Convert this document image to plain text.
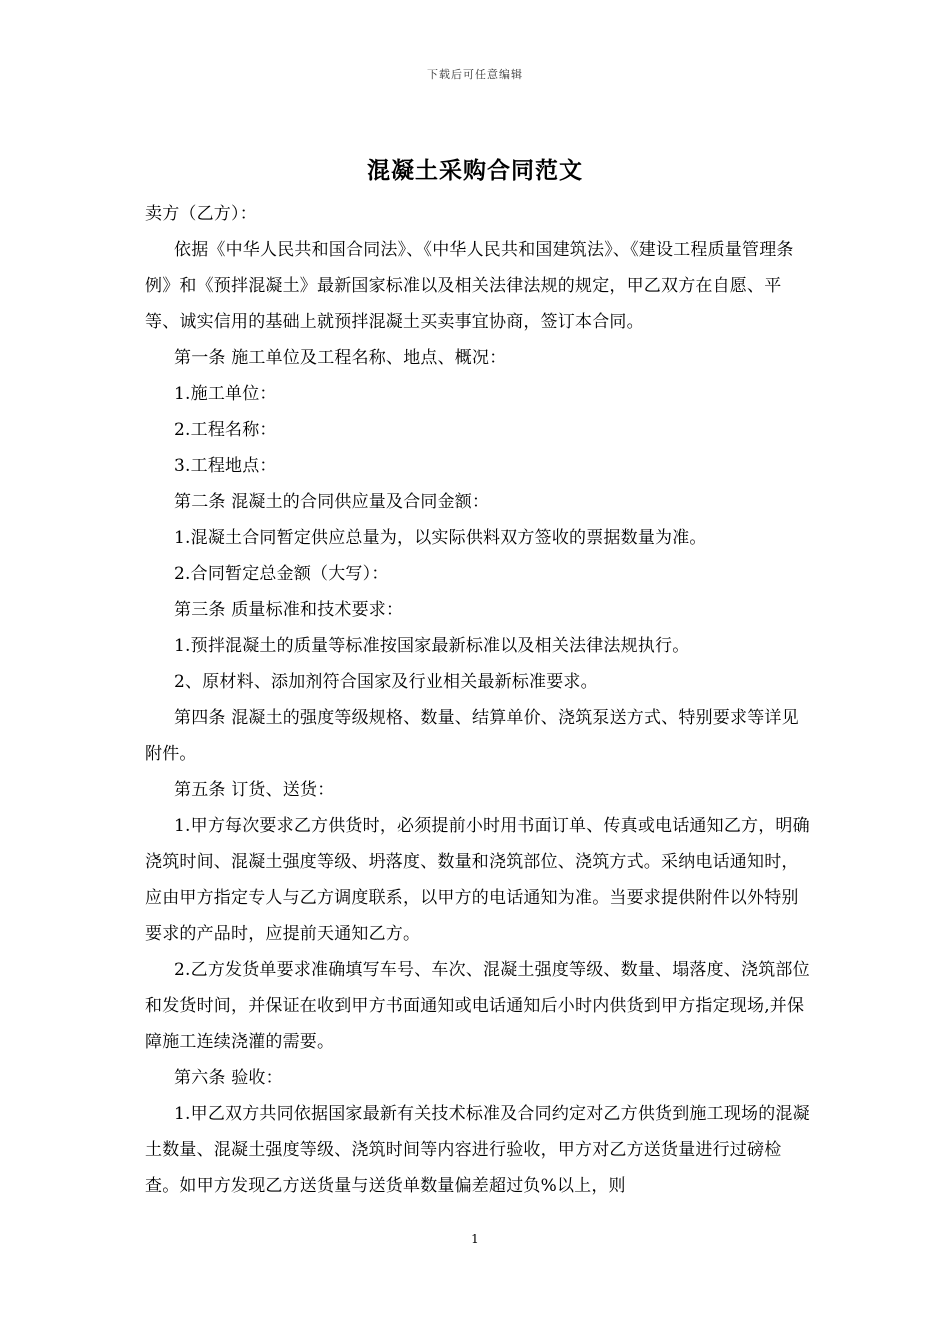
下载后可任意编辑
混凝土采购合同范文

卖方（乙方）：

依据《中华人民共和国合同法》、《中华人民共和国建筑法》、《建设工程质量管理条例》和《预拌混凝土》最新国家标准以及相关法律法规的规定，甲乙双方在自愿、平等、诚实信用的基础上就预拌混凝土买卖事宜协商，签订本合同。

第一条 施工单位及工程名称、地点、概况：

1.施工单位：

2.工程名称：

3.工程地点：

第二条 混凝土的合同供应量及合同金额：

1.混凝土合同暂定供应总量为，以实际供料双方签收的票据数量为准。

2.合同暂定总金额（大写）：

第三条 质量标准和技术要求：

1.预拌混凝土的质量等标准按国家最新标准以及相关法律法规执行。

2、原材料、添加剂符合国家及行业相关最新标准要求。

第四条 混凝土的强度等级规格、数量、结算单价、浇筑泵送方式、特别要求等详见附件。

第五条 订货、送货：

1.甲方每次要求乙方供货时，必须提前小时用书面订单、传真或电话通知乙方，明确浇筑时间、混凝土强度等级、坍落度、数量和浇筑部位、浇筑方式。采纳电话通知时，应由甲方指定专人与乙方调度联系，以甲方的电话通知为准。当要求提供附件以外特别要求的产品时，应提前天通知乙方。

2.乙方发货单要求准确填写车号、车次、混凝土强度等级、数量、塌落度、浇筑部位和发货时间，并保证在收到甲方书面通知或电话通知后小时内供货到甲方指定现场,并保障施工连续浇灌的需要。

第六条 验收：

1.甲乙双方共同依据国家最新有关技术标准及合同约定对乙方供货到施工现场的混凝土数量、混凝土强度等级、浇筑时间等内容进行验收，甲方对乙方送货量进行过磅检查。如甲方发现乙方送货量与送货单数量偏差超过负%以上，则

1
